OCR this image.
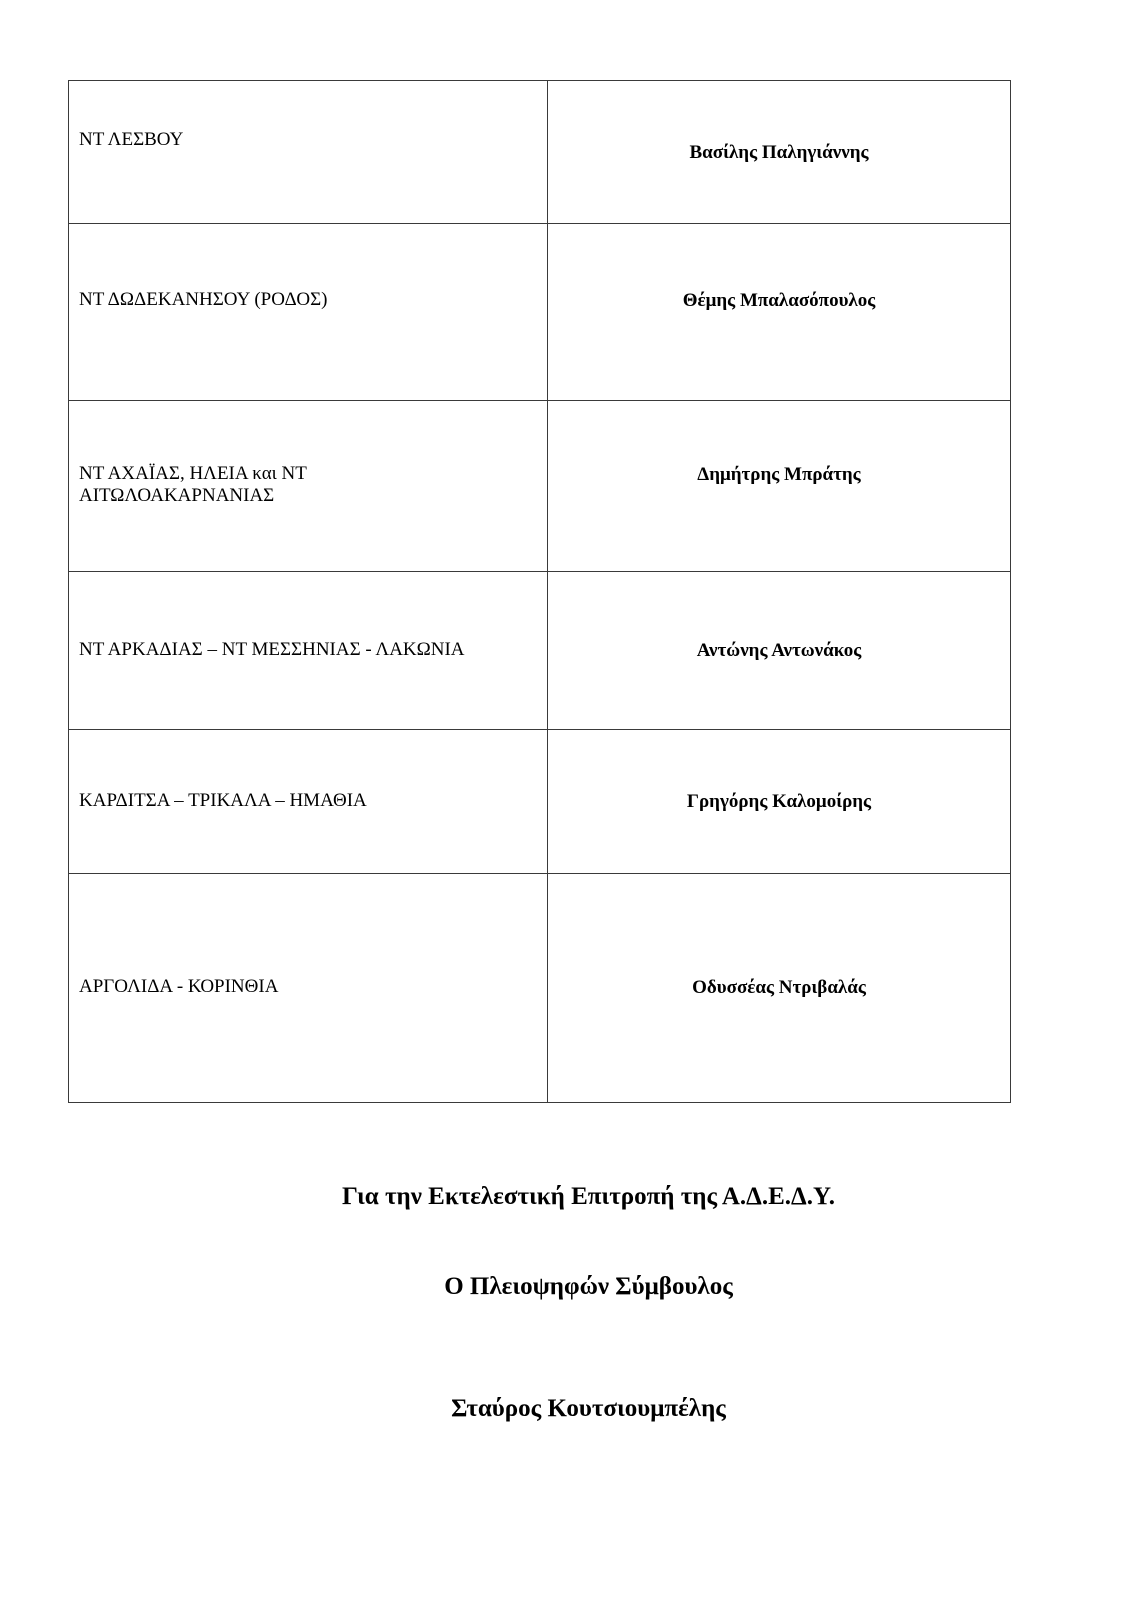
ΝΤ ΛΕΣΒΟΥ	Βασίλης Παληγιάννης

ΝΤ ΔΩΔΕΚΑΝΗΣΟΥ (ΡΟΔΟΣ)	Θέμης Μπαλασόπουλος

ΝΤ ΑΧΑΪΑΣ, ΗΛΕΙΑ και ΝΤ ΑΙΤΩΛΟΑΚΑΡΝΑΝΙΑΣ	Δημήτρης Μπράτης

ΝΤ ΑΡΚΑΔΙΑΣ – ΝΤ ΜΕΣΣΗΝΙΑΣ - ΛΑΚΩΝΙΑ	Αντώνης Αντωνάκος

ΚΑΡΔΙΤΣΑ – ΤΡΙΚΑΛΑ – ΗΜΑΘΙΑ	Γρηγόρης Καλομοίρης

ΑΡΓΟΛΙΔΑ - ΚΟΡΙΝΘΙΑ	Οδυσσέας Ντριβαλάς
Για την Εκτελεστική Επιτροπή της Α.Δ.Ε.Δ.Υ.
Ο Πλειοψηφών Σύμβουλος
Σταύρος Κουτσιουμπέλης
